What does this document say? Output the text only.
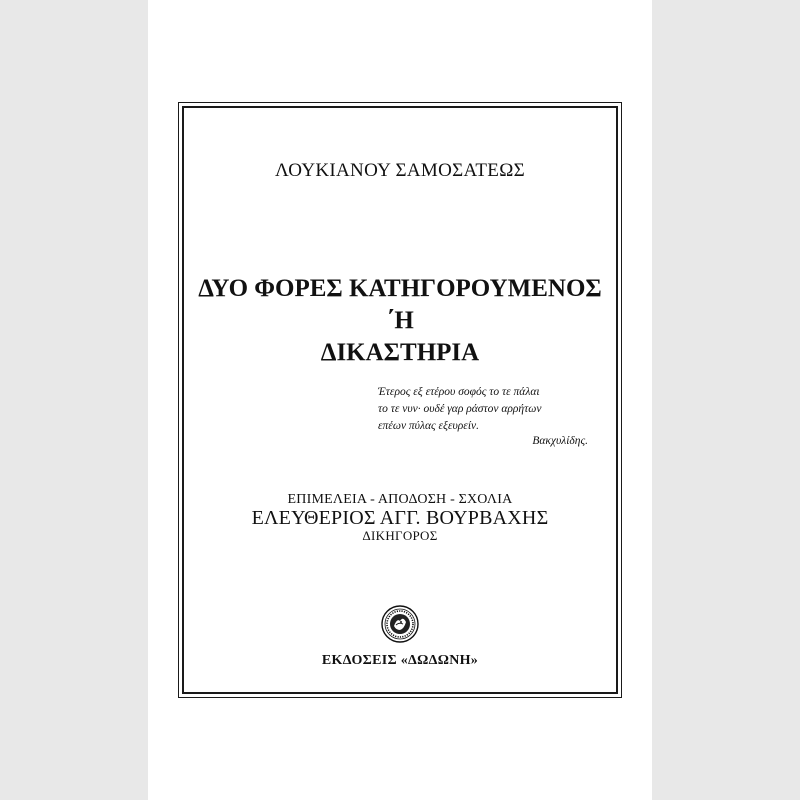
ΛΟΥΚΙΑΝΟΥ ΣΑΜΟΣΑΤΕΩΣ
ΔΥΟ ΦΟΡΕΣ ΚΑΤΗΓΟΡΟΥΜΕΝΟΣ
΄Η
ΔΙΚΑΣΤΗΡΙΑ
Έτερος εξ ετέρου σοφός το τε πάλαι
το τε νυν· ουδέ γαρ ράστον αρρήτων
επέων πύλας εξευρείν.
Βακχυλίδης.
ΕΠΙΜΕΛΕΙΑ - ΑΠΟΔΟΣΗ - ΣΧΟΛΙΑ
ΕΛΕΥΘΕΡΙΟΣ ΑΓΓ. ΒΟΥΡΒΑΧΗΣ
ΔΙΚΗΓΟΡΟΣ
ΕΚΔΟΣΕΙΣ «ΔΩΔΩΝΗ»
